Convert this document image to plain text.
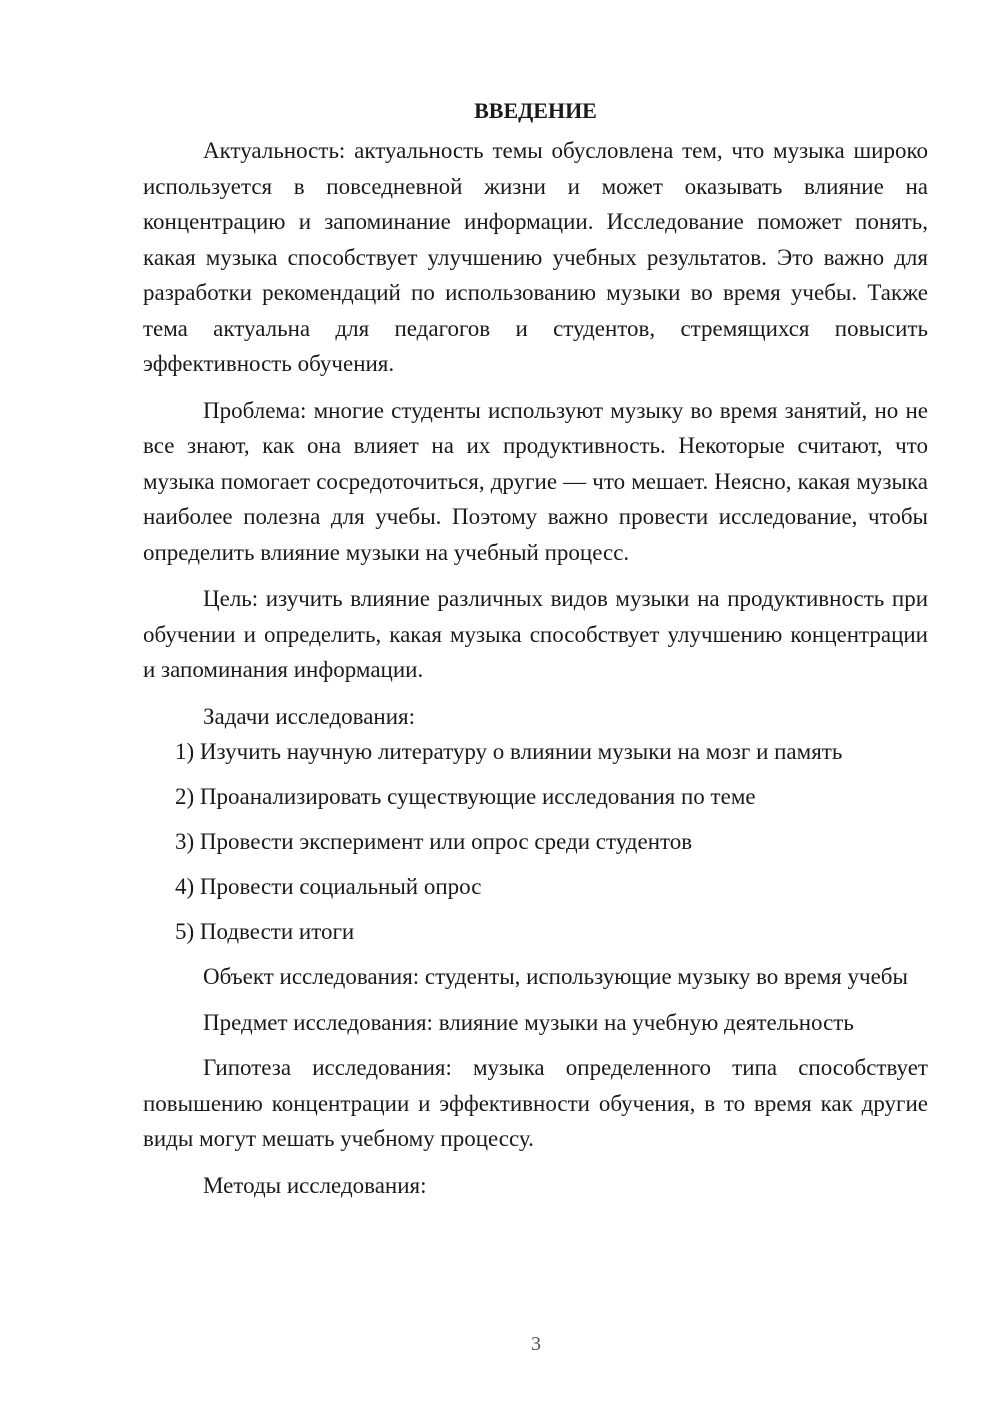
ВВЕДЕНИЕ

Актуальность: актуальность темы обусловлена тем, что музыка широко используется в повседневной жизни и может оказывать влияние на концентрацию и запоминание информации. Исследование поможет понять, какая музыка способствует улучшению учебных результатов. Это важно для разработки рекомендаций по использованию музыки во время учебы. Также тема актуальна для педагогов и студентов, стремящихся повысить эффективность обучения.

Проблема: многие студенты используют музыку во время занятий, но не все знают, как она влияет на их продуктивность. Некоторые считают, что музыка помогает сосредоточиться, другие — что мешает. Неясно, какая музыка наиболее полезна для учебы. Поэтому важно провести исследование, чтобы определить влияние музыки на учебный процесс.

Цель: изучить влияние различных видов музыки на продуктивность при обучении и определить, какая музыка способствует улучшению концентрации и запоминания информации.

Задачи исследования:

1) Изучить научную литературу о влиянии музыки на мозг и память
2) Проанализировать существующие исследования по теме
3) Провести эксперимент или опрос среди студентов
4) Провести социальный опрос
5) Подвести итоги

Объект исследования: студенты, использующие музыку во время учебы

Предмет исследования: влияние музыки на учебную деятельность

Гипотеза исследования: музыка определенного типа способствует повышению концентрации и эффективности обучения, в то время как другие виды могут мешать учебному процессу.

Методы исследования:

3
